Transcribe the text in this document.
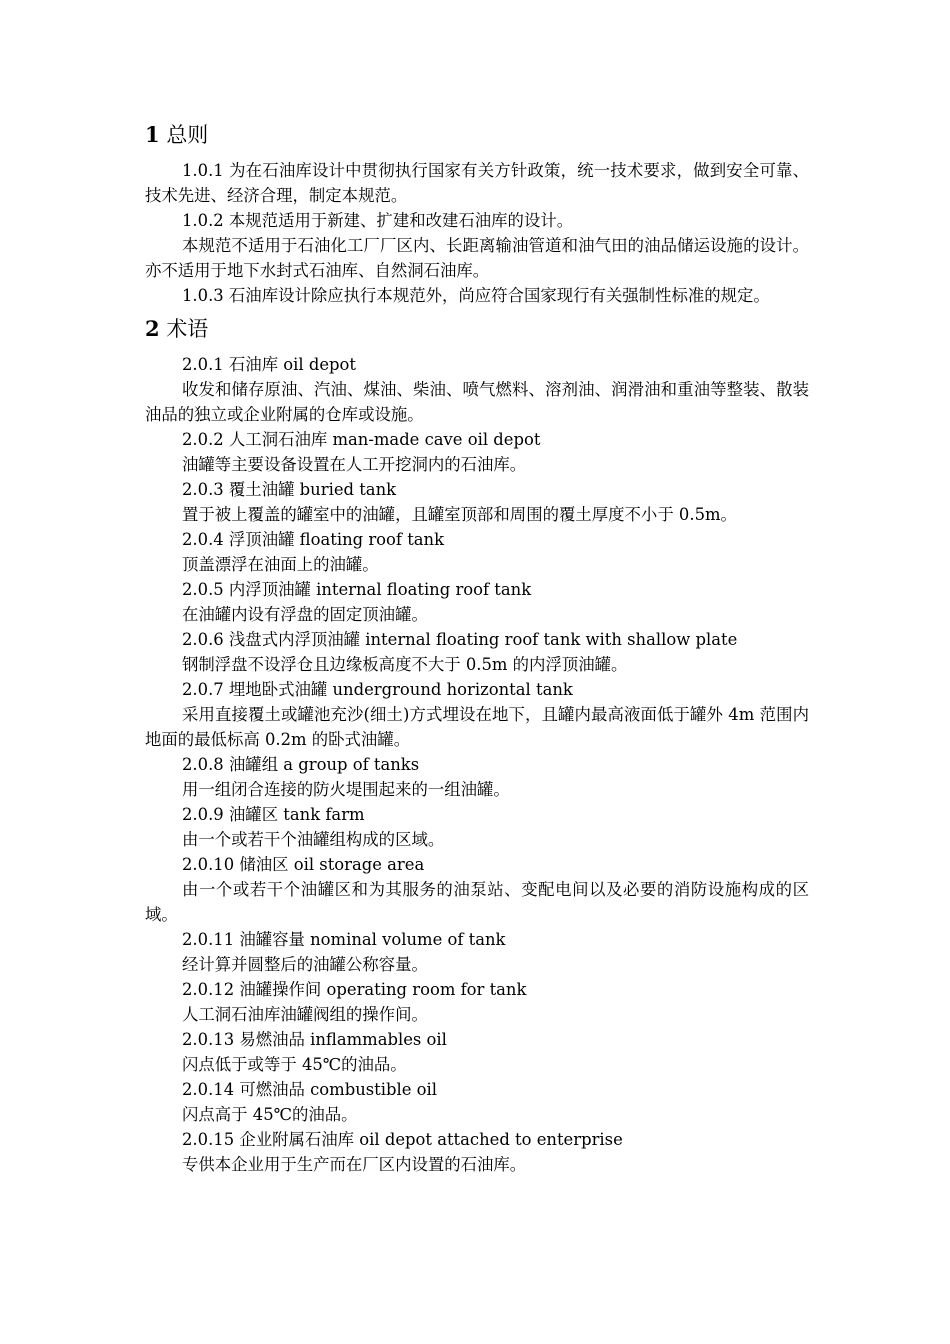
1 总则

1.0.1 为在石油库设计中贯彻执行国家有关方针政策，统一技术要求，做到安全可靠、技术先进、经济合理，制定本规范。

1.0.2 本规范适用于新建、扩建和改建石油库的设计。

本规范不适用于石油化工厂厂区内、长距离输油管道和油气田的油品储运设施的设计。亦不适用于地下水封式石油库、自然洞石油库。

1.0.3 石油库设计除应执行本规范外，尚应符合国家现行有关强制性标准的规定。

2 术语

2.0.1 石油库 oil depot

收发和储存原油、汽油、煤油、柴油、喷气燃料、溶剂油、润滑油和重油等整装、散装油品的独立或企业附属的仓库或设施。

2.0.2 人工洞石油库 man-made cave oil depot

油罐等主要设备设置在人工开挖洞内的石油库。

2.0.3 覆土油罐 buried tank

置于被上覆盖的罐室中的油罐，且罐室顶部和周围的覆土厚度不小于 0.5m。

2.0.4 浮顶油罐 floating roof tank

顶盖漂浮在油面上的油罐。

2.0.5 内浮顶油罐 internal floating roof tank

在油罐内设有浮盘的固定顶油罐。

2.0.6 浅盘式内浮顶油罐 internal floating roof tank with shallow plate

钢制浮盘不设浮仓且边缘板高度不大于 0.5m 的内浮顶油罐。

2.0.7 埋地卧式油罐 underground horizontal tank

采用直接覆土或罐池充沙(细土)方式埋设在地下，且罐内最高液面低于罐外 4m 范围内地面的最低标高 0.2m 的卧式油罐。

2.0.8 油罐组 a group of tanks

用一组闭合连接的防火堤围起来的一组油罐。

2.0.9 油罐区 tank farm

由一个或若干个油罐组构成的区域。

2.0.10 储油区 oil storage area

由一个或若干个油罐区和为其服务的油泵站、变配电间以及必要的消防设施构成的区域。

2.0.11 油罐容量 nominal volume of tank

经计算并圆整后的油罐公称容量。

2.0.12 油罐操作间 operating room for tank

人工洞石油库油罐阀组的操作间。

2.0.13 易燃油品 inflammables oil

闪点低于或等于 45℃的油品。

2.0.14 可燃油品 combustible oil

闪点高于 45℃的油品。

2.0.15 企业附属石油库 oil depot attached to enterprise

专供本企业用于生产而在厂区内设置的石油库。
